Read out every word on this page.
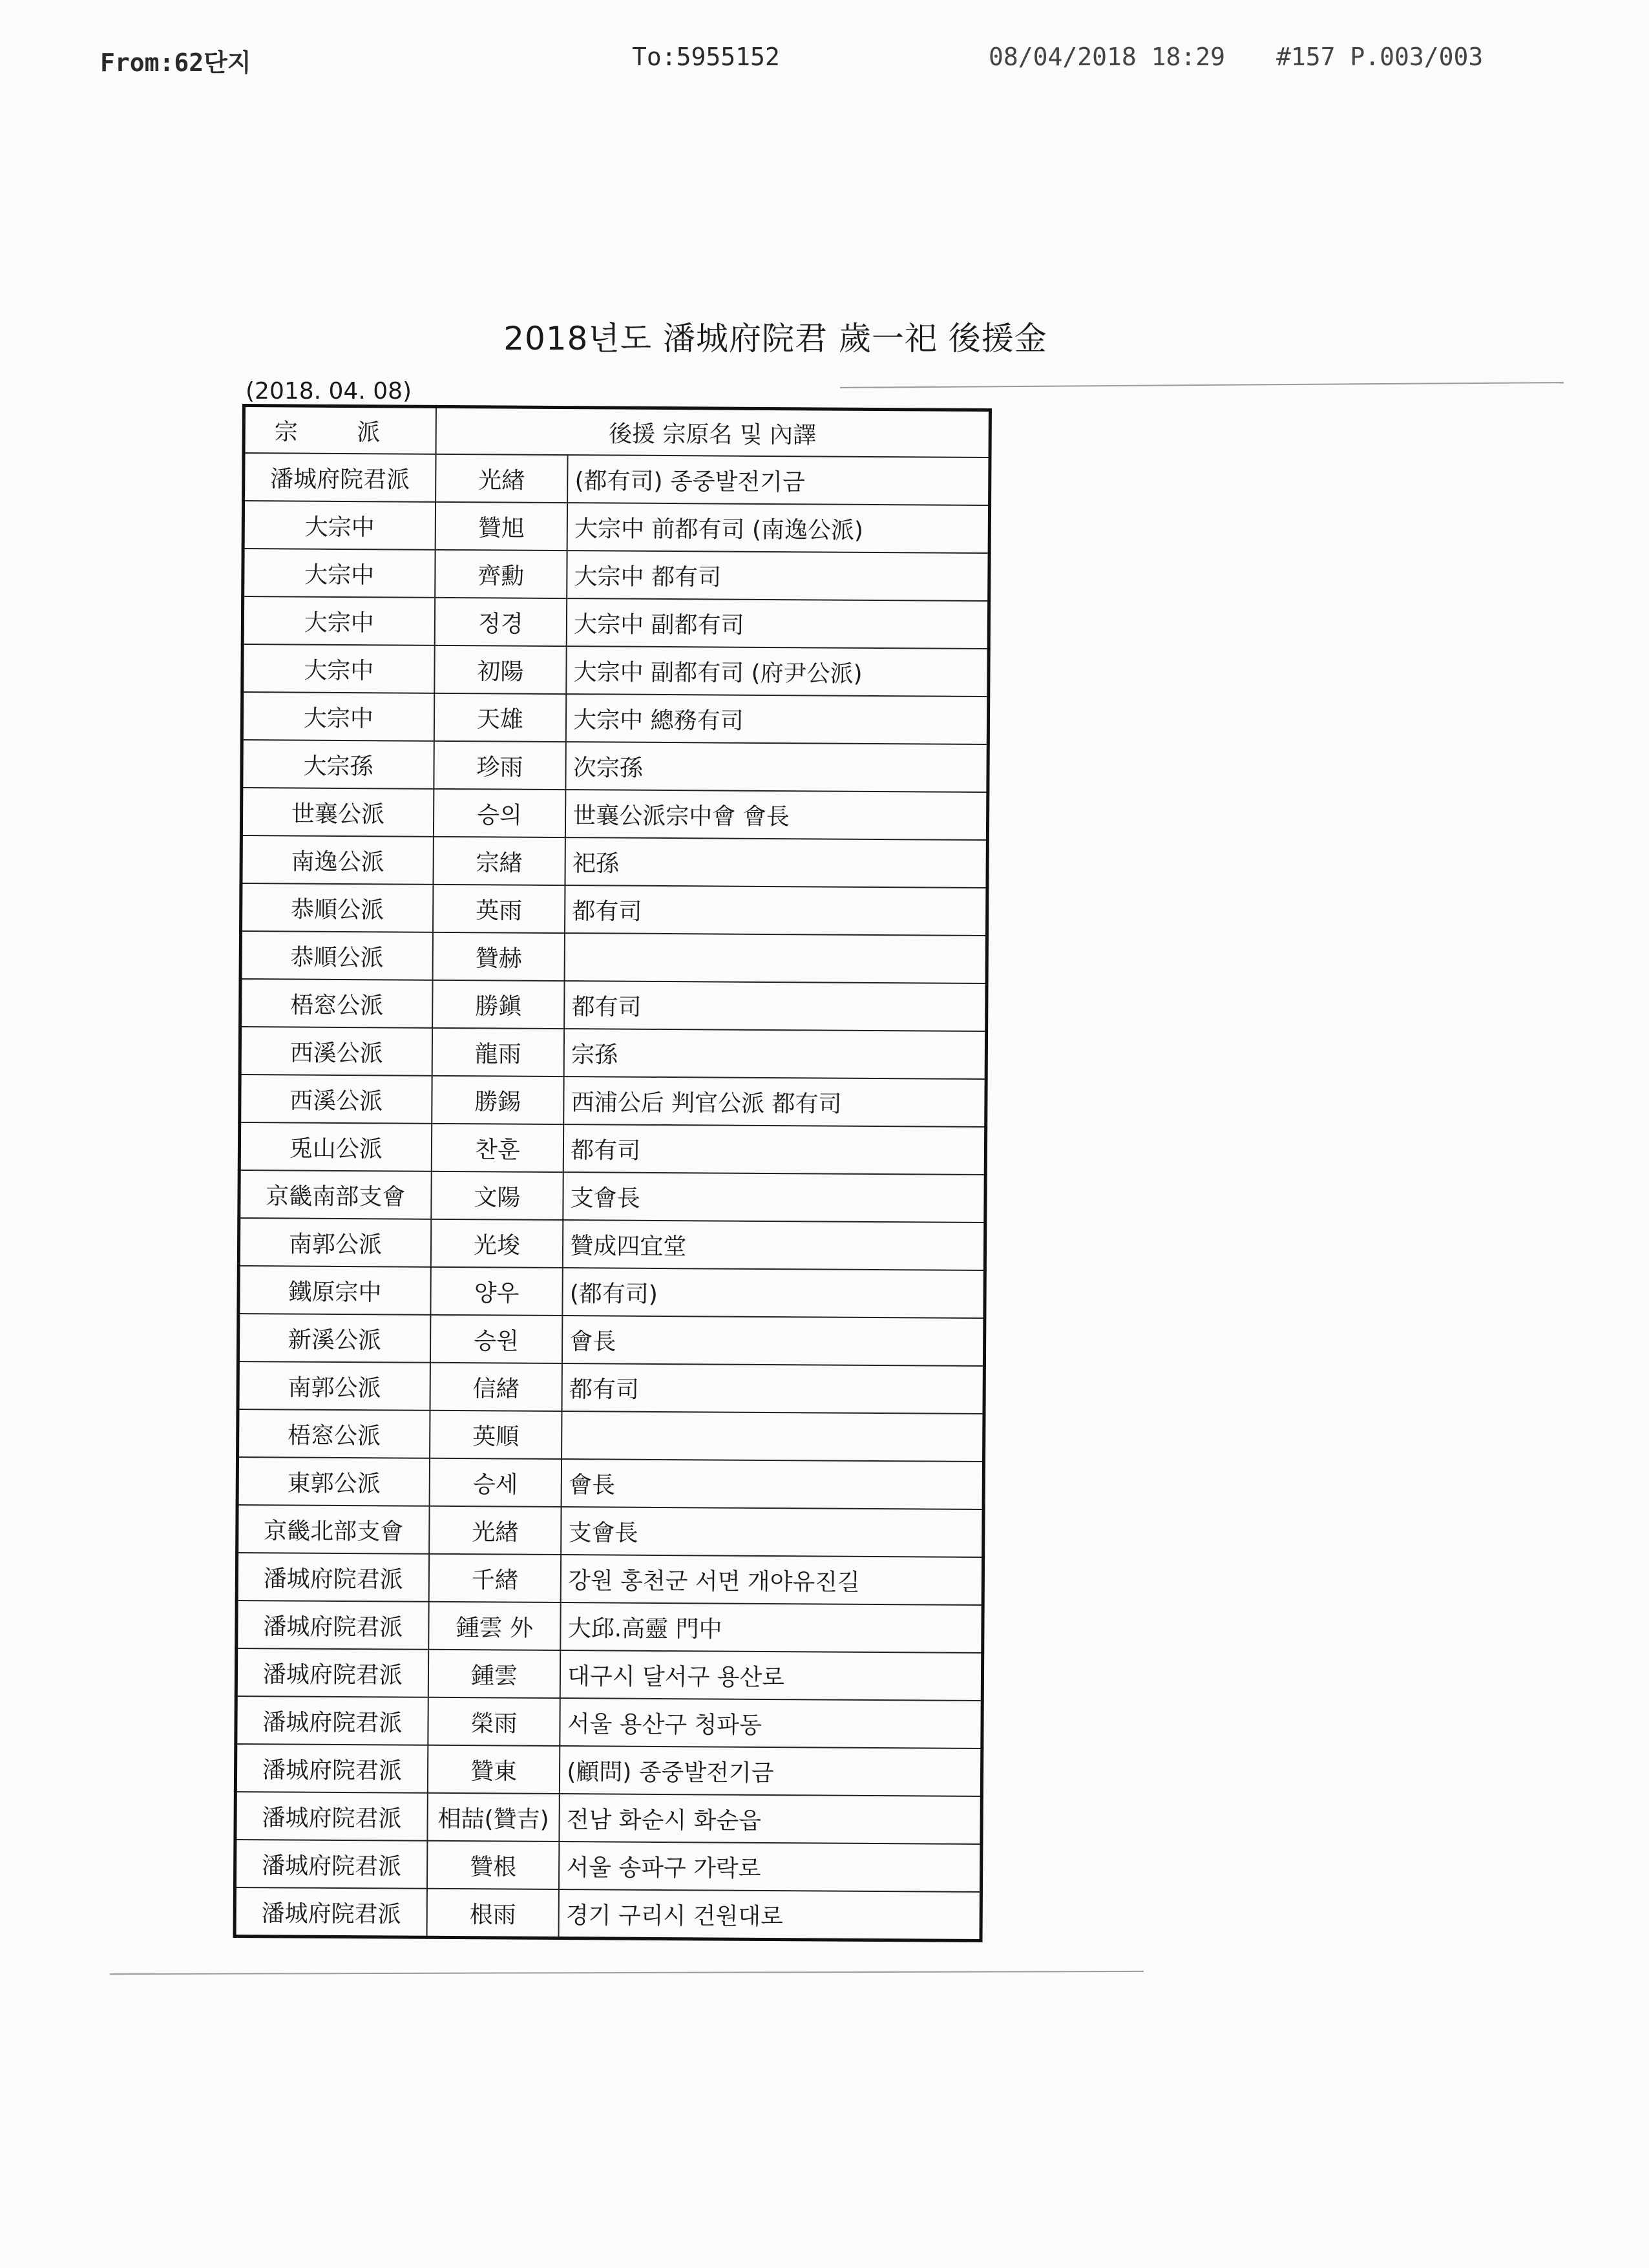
From:62단지	To:5955152	08/04/2018 18:29 #157 P.003/003
2018년도 潘城府院君 歲一祀 後援金
(2018. 04. 08)
宗 派	後援 宗原名 및 內譯	
潘城府院君派	光緖	(都有司) 종중발전기금
大宗中	贊旭	大宗中 前都有司 (南逸公派)
大宗中	齊勳	大宗中 都有司
大宗中	정경	大宗中 副都有司
大宗中	初陽	大宗中 副都有司 (府尹公派)
大宗中	天雄	大宗中 總務有司
大宗孫	珍雨	次宗孫
世襄公派	승의	世襄公派宗中會 會長
南逸公派	宗緖	祀孫
恭順公派	英雨	都有司
恭順公派	贊赫	
梧窓公派	勝鎭	都有司
西溪公派	龍雨	宗孫
西溪公派	勝錫	西浦公后 判官公派 都有司
兎山公派	찬훈	都有司
京畿南部支會	文陽	支會長
南郭公派	光埈	贊成四宜堂
鐵原宗中	양우	(都有司)
新溪公派	승원	會長
南郭公派	信緖	都有司
梧窓公派	英順	
東郭公派	승세	會長
京畿北部支會	光緖	支會長
潘城府院君派	千緖	강원 홍천군 서면 개야유진길
潘城府院君派	鍾雲 外	大邱.高靈 門中
潘城府院君派	鍾雲	대구시 달서구 용산로
潘城府院君派	榮雨	서울 용산구 청파동
潘城府院君派	贊東	(顧問) 종중발전기금
潘城府院君派	相喆(贊吉)	전남 화순시 화순읍
潘城府院君派	贊根	서울 송파구 가락로
潘城府院君派	根雨	경기 구리시 건원대로
